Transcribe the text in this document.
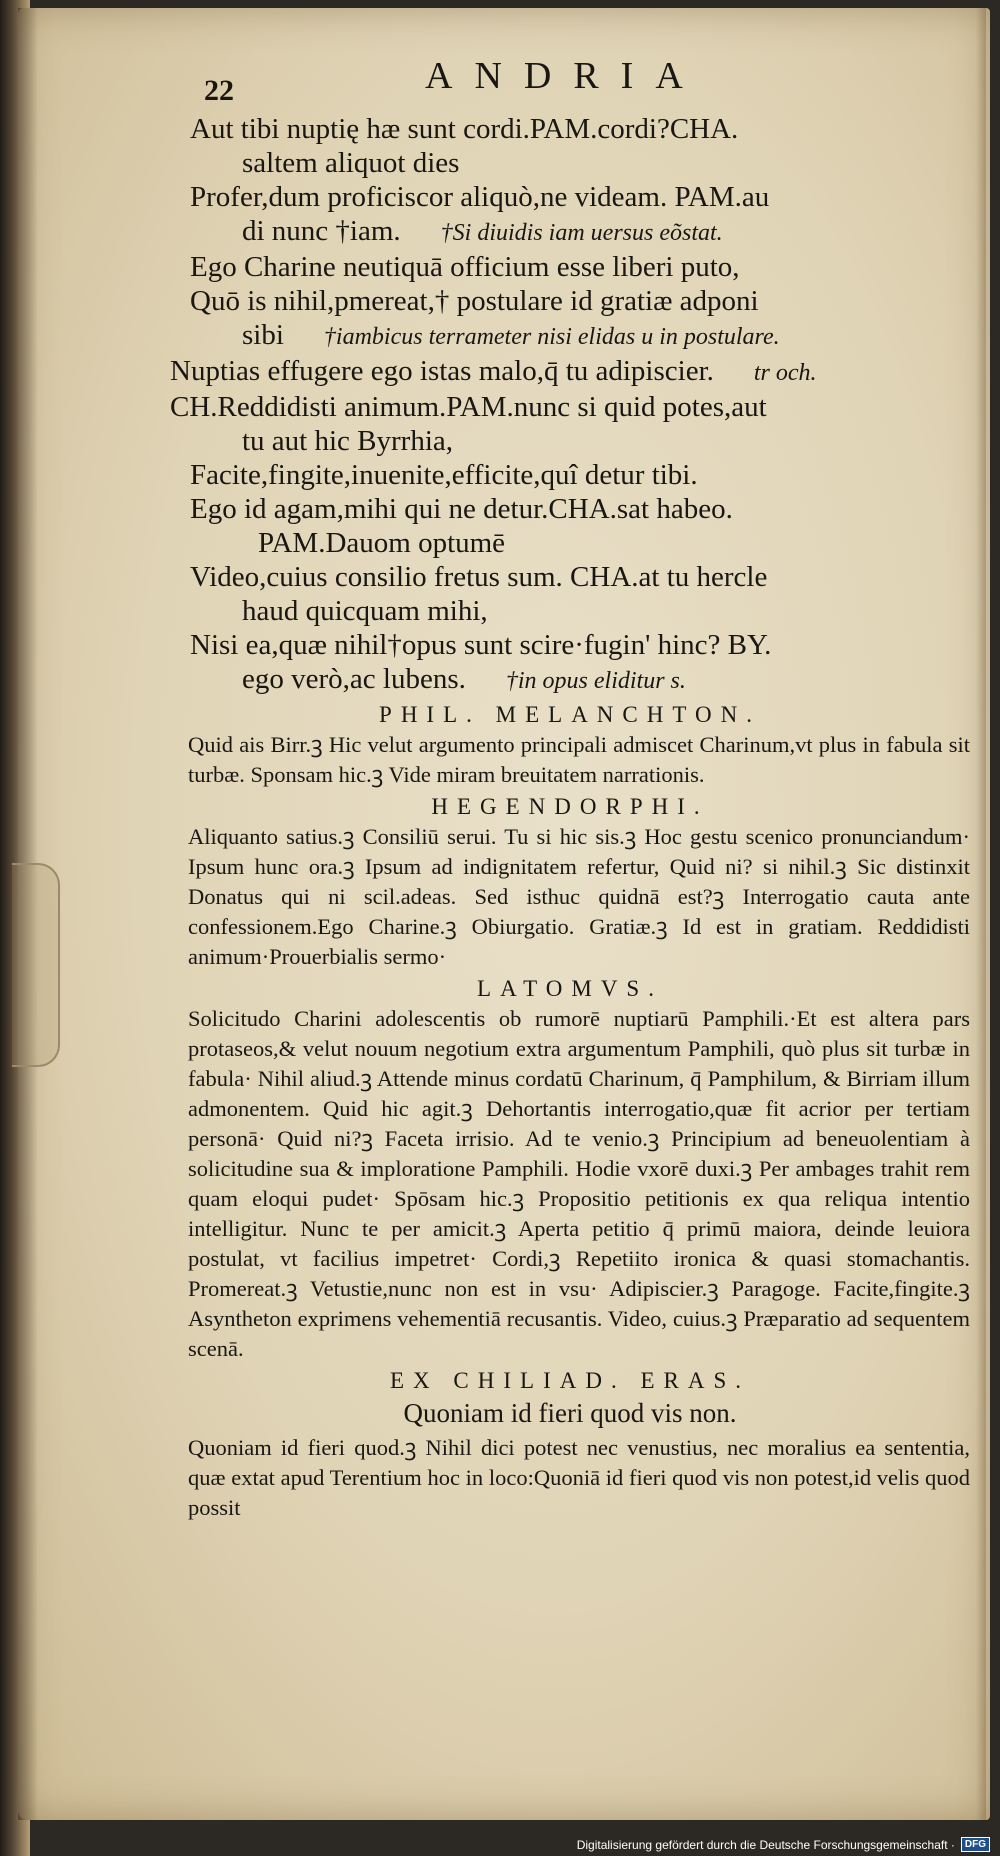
22	ANDRIA

Aut tibi nuptię hæ sunt cordi.PAM.cordi?CHA.

saltem aliquot dies

Profer,dum proficiscor aliquò,ne videam. PAM.au

di nunc †iam. †Si diuidis iam uersus eõstat.

Ego Charine neutiquā officium esse liberi puto,

Quō is nihil,pmereat,† postulare id gratiæ adponi

sibi †iambicus terrameter nisi elidas u in postulare.

Nuptias effugere ego istas malo,q̄ tu adipiscier. tr och.

CH.Reddidisti animum.PAM.nunc si quid potes,aut

tu aut hic Byrrhia,

Facite,fingite,inuenite,efficite,quî detur tibi.

Ego id agam,mihi qui ne detur.CHA.sat habeo.

PAM.Dauom optumē

Video,cuius consilio fretus sum. CHA.at tu hercle

haud quicquam mihi,

Nisi ea,quæ nihil†opus sunt scire·fugin' hinc? BY.

ego verò,ac lubens. †in opus eliditur s.

PHIL. MELANCHTON.

Quid ais Birr.ꝫ Hic velut argumento principali admiscet Charinum,vt plus in fabula sit turbæ. Sponsam hic.ꝫ Vide miram breuitatem narrationis.

HEGENDORPHI.

Aliquanto satius.ꝫ Consiliū serui. Tu si hic sis.ꝫ Hoc gestu scenico pronunciandum· Ipsum hunc ora.ꝫ Ipsum ad indignitatem refertur, Quid ni? si nihil.ꝫ Sic distinxit Donatus qui ni scil.adeas. Sed isthuc quidnā est?ꝫ Interrogatio cauta ante confessionem.Ego Charine.ꝫ Obiurgatio. Gratiæ.ꝫ Id est in gratiam. Reddidisti animum·Prouerbialis sermo·

LATOMVS.

Solicitudo Charini adolescentis ob rumorē nuptiarū Pamphili.·Et est altera pars protaseos,& velut nouum negotium extra argumentum Pamphili, quò plus sit turbæ in fabula· Nihil aliud.ꝫ Attende minus cordatū Charinum, q̄ Pamphilum, & Birriam illum admonentem. Quid hic agit.ꝫ Dehortantis interrogatio,quæ fit acrior per tertiam personā· Quid ni?ꝫ Faceta irrisio. Ad te venio.ꝫ Principium ad beneuolentiam à solicitudine sua & imploratione Pamphili. Hodie vxorē duxi.ꝫ Per ambages trahit rem quam eloqui pudet· Spōsam hic.ꝫ Propositio petitionis ex qua reliqua intentio intelligitur. Nunc te per amicit.ꝫ Aperta petitio q̄ primū maiora, deinde leuiora postulat, vt facilius impetret· Cordi,ꝫ Repetiito ironica & quasi stomachantis. Promereat.ꝫ Vetustie,nunc non est in vsu· Adipiscier.ꝫ Paragoge. Facite,fingite.ꝫ Asyntheton exprimens vehementiā recusantis. Video, cuius.ꝫ Præparatio ad sequentem scenā.

EX CHILIAD. ERAS.
Quoniam id fieri quod vis non.

Quoniam id fieri quod.ꝫ Nihil dici potest nec venustius, nec moralius ea sententia, quæ extat apud Terentium hoc in loco:Quoniā id fieri quod vis non potest,id velis quod possit

Digitalisierung gefördert durch die Deutsche Forschungsgemeinschaft ·	DFG
